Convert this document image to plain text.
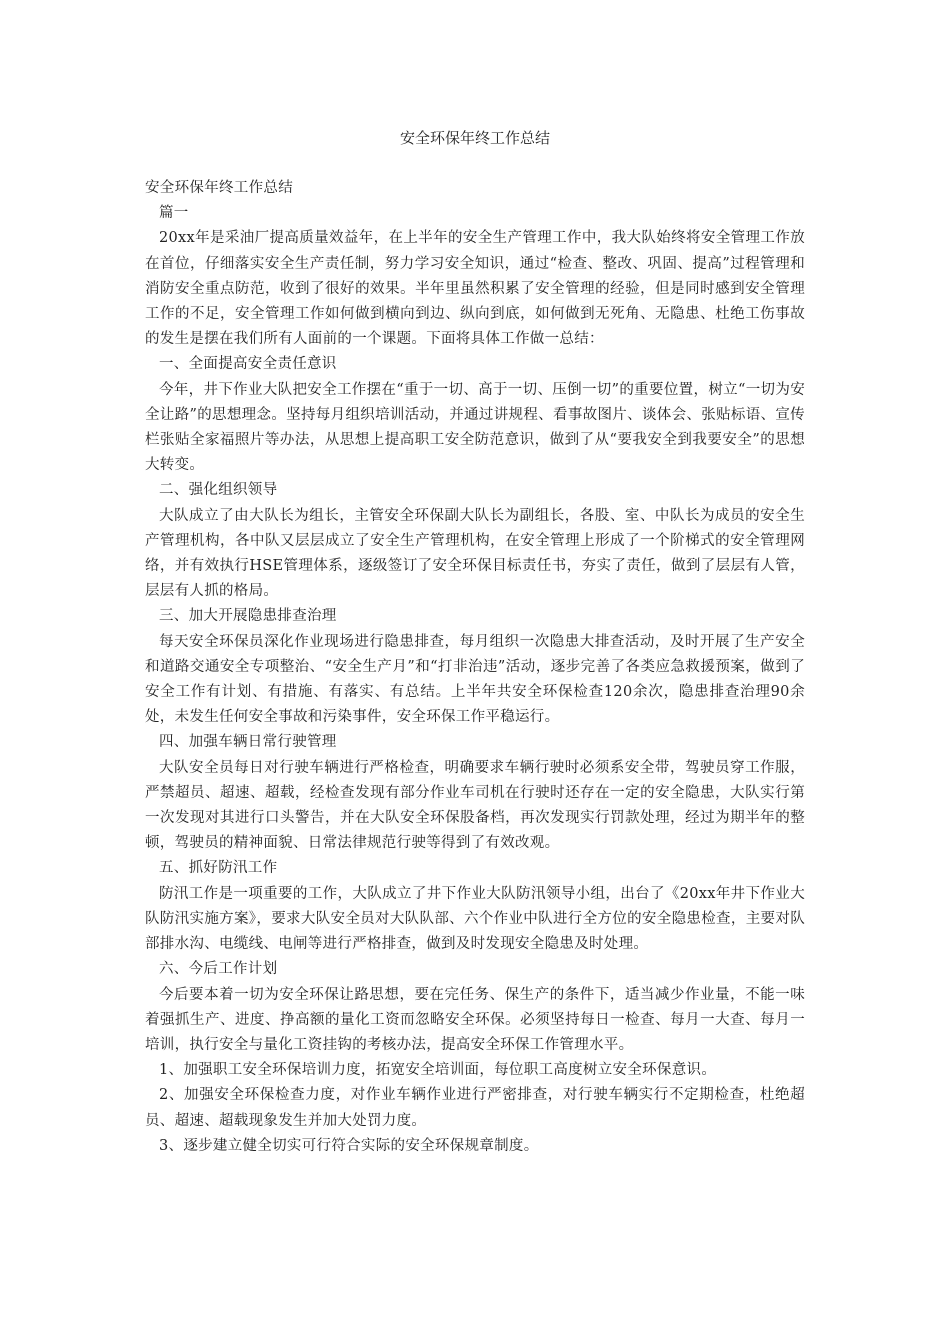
安全环保年终工作总结

安全环保年终工作总结

篇一

20xx年是采油厂提高质量效益年，在上半年的安全生产管理工作中，我大队始终将安全管理工作放在首位，仔细落实安全生产责任制，努力学习安全知识，通过“检查、整改、巩固、提高”过程管理和消防安全重点防范，收到了很好的效果。半年里虽然积累了安全管理的经验，但是同时感到安全管理工作的不足，安全管理工作如何做到横向到边、纵向到底，如何做到无死角、无隐患、杜绝工伤事故的发生是摆在我们所有人面前的一个课题。下面将具体工作做一总结：

一、全面提高安全责任意识

今年，井下作业大队把安全工作摆在“重于一切、高于一切、压倒一切”的重要位置，树立“一切为安全让路”的思想理念。坚持每月组织培训活动，并通过讲规程、看事故图片、谈体会、张贴标语、宣传栏张贴全家福照片等办法，从思想上提高职工安全防范意识，做到了从“要我安全到我要安全”的思想大转变。

二、强化组织领导

大队成立了由大队长为组长，主管安全环保副大队长为副组长，各股、室、中队长为成员的安全生产管理机构，各中队又层层成立了安全生产管理机构，在安全管理上形成了一个阶梯式的安全管理网络，并有效执行HSE管理体系，逐级签订了安全环保目标责任书，夯实了责任，做到了层层有人管，层层有人抓的格局。

三、加大开展隐患排查治理

每天安全环保员深化作业现场进行隐患排查，每月组织一次隐患大排查活动，及时开展了生产安全和道路交通安全专项整治、“安全生产月”和“打非治违”活动，逐步完善了各类应急救援预案，做到了安全工作有计划、有措施、有落实、有总结。上半年共安全环保检查120余次，隐患排查治理90余处，未发生任何安全事故和污染事件，安全环保工作平稳运行。

四、加强车辆日常行驶管理

大队安全员每日对行驶车辆进行严格检查，明确要求车辆行驶时必须系安全带，驾驶员穿工作服，严禁超员、超速、超载，经检查发现有部分作业车司机在行驶时还存在一定的安全隐患，大队实行第一次发现对其进行口头警告，并在大队安全环保股备档，再次发现实行罚款处理，经过为期半年的整顿，驾驶员的精神面貌、日常法律规范行驶等得到了有效改观。

五、抓好防汛工作

防汛工作是一项重要的工作，大队成立了井下作业大队防汛领导小组，出台了《20xx年井下作业大队防汛实施方案》，要求大队安全员对大队队部、六个作业中队进行全方位的安全隐患检查，主要对队部排水沟、电缆线、电闸等进行严格排查，做到及时发现安全隐患及时处理。

六、今后工作计划

今后要本着一切为安全环保让路思想，要在完任务、保生产的条件下，适当减少作业量，不能一味着强抓生产、进度、挣高额的量化工资而忽略安全环保。必须坚持每日一检查、每月一大查、每月一培训，执行安全与量化工资挂钩的考核办法，提高安全环保工作管理水平。

1、加强职工安全环保培训力度，拓宽安全培训面，每位职工高度树立安全环保意识。

2、加强安全环保检查力度，对作业车辆作业进行严密排查，对行驶车辆实行不定期检查，杜绝超员、超速、超载现象发生并加大处罚力度。

3、逐步建立健全切实可行符合实际的安全环保规章制度。
